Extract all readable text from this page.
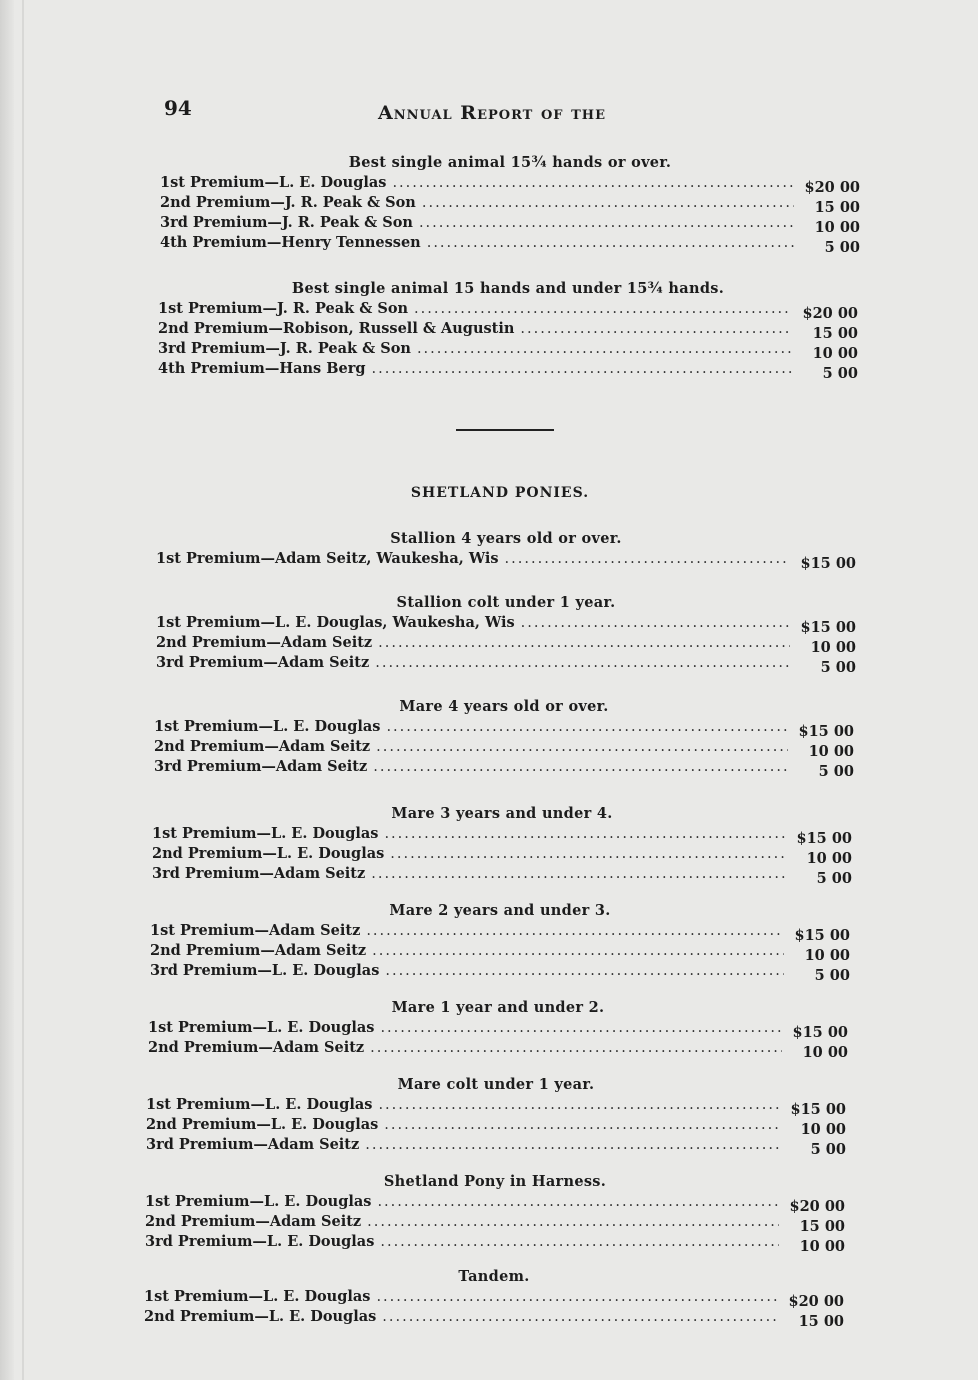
94	Annual Report of the
Best single animal 15¾ hands or over.
1st Premium—L. E. Douglas .....	$20 00
2nd Premium—J. R. Peak & Son .....	15 00
3rd Premium—J. R. Peak & Son .....	10 00
4th Premium—Henry Tennessen .....	5 00
Best single animal 15 hands and under 15¾ hands.
1st Premium—J. R. Peak & Son .....	$20 00
2nd Premium—Robison, Russell & Augustin .....	15 00
3rd Premium—J. R. Peak & Son .....	10 00
4th Premium—Hans Berg .....	5 00
SHETLAND PONIES.
Stallion 4 years old or over.
1st Premium—Adam Seitz, Waukesha, Wis .....	$15 00
Stallion colt under 1 year.
1st Premium—L. E. Douglas, Waukesha, Wis .....	$15 00
2nd Premium—Adam Seitz .....	10 00
3rd Premium—Adam Seitz .....	5 00
Mare 4 years old or over.
1st Premium—L. E. Douglas .....	$15 00
2nd Premium—Adam Seitz .....	10 00
3rd Premium—Adam Seitz .....	5 00
Mare 3 years and under 4.
1st Premium—L. E. Douglas .....	$15 00
2nd Premium—L. E. Douglas .....	10 00
3rd Premium—Adam Seitz .....	5 00
Mare 2 years and under 3.
1st Premium—Adam Seitz .....	$15 00
2nd Premium—Adam Seitz .....	10 00
3rd Premium—L. E. Douglas .....	5 00
Mare 1 year and under 2.
1st Premium—L. E. Douglas .....	$15 00
2nd Premium—Adam Seitz .....	10 00
Mare colt under 1 year.
1st Premium—L. E. Douglas .....	$15 00
2nd Premium—L. E. Douglas .....	10 00
3rd Premium—Adam Seitz .....	5 00
Shetland Pony in Harness.
1st Premium—L. E. Douglas .....	$20 00
2nd Premium—Adam Seitz .....	15 00
3rd Premium—L. E. Douglas .....	10 00
Tandem.
1st Premium—L. E. Douglas .....	$20 00
2nd Premium—L. E. Douglas .....	15 00
